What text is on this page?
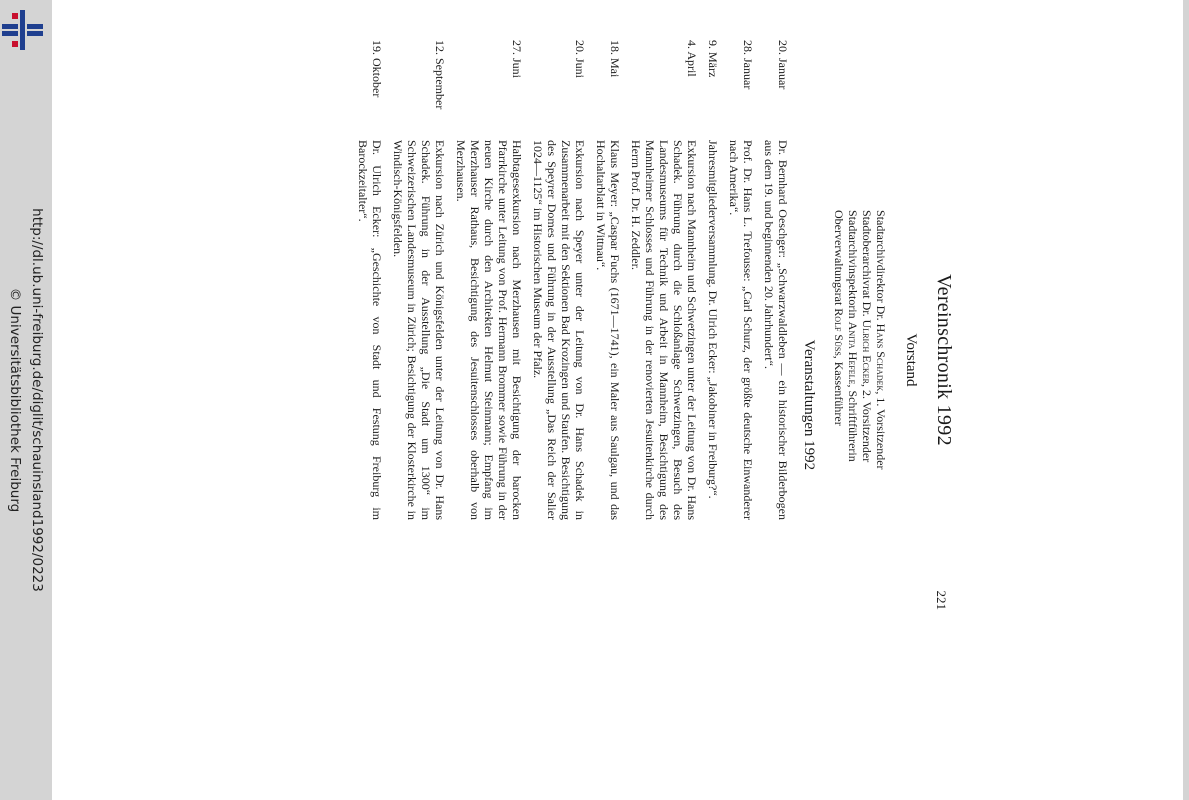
http://dl.ub.uni-freiburg.de/diglit/schauinsland1992/0223
© Universitätsbibliothek Freiburg
221
Vereinschronik 1992
Vorstand
Stadtarchivdirektor Dr. Hans Schadek, 1. Vorsitzender
Stadtoberarchivrat Dr. Ulrich Ecker, 2. Vorsitzender
Stadtarchivinspektorin Anita Hefele, Schriftführerin
Oberverwaltungsrat Rolf Süss, Kassenführer
Veranstaltungen 1992
20. Januar
Dr. Bernhard Oeschger: „Schwarzwaldleben — ein historischer Bilderbogen aus dem 19. und beginnenden 20. Jahrhundert“.
28. Januar
Prof. Dr. Hans L. Trefousse: „Carl Schurz, der größte deutsche Einwanderer nach Amerika“.
9. März
Jahresmitgliederversammlung. Dr. Ulrich Ecker: „Jakobiner in Freiburg?“.
4. April
Exkursion nach Mannheim und Schwetzingen unter der Leitung von Dr. Hans Schadek. Führung durch die Schloßanlage Schwetzingen, Besuch des Landesmuseums für Technik und Arbeit in Mannheim, Besichtigung des Mannheimer Schlosses und Führung in der renovierten Jesuitenkirche durch Herrn Prof. Dr. H. Zeddler.
18. Mai
Klaus Meyer: „Caspar Fuchs (1671—1741), ein Maler aus Saulgau, und das Hochaltarblatt in Wittnau“.
20. Juni
Exkursion nach Speyer unter der Leitung von Dr. Hans Schadek in Zusammenarbeit mit den Sektionen Bad Krozingen und Staufen. Besichtigung des Speyrer Domes und Führung in der Ausstellung „Das Reich der Salier 1024—1125“ im Historischen Museum der Pfalz.
27. Juni
Halbtagesexkursion nach Merzhausen mit Besichtigung der barocken Pfarrkirche unter Leitung von Prof. Hermann Brommer sowie Führung in der neuen Kirche durch den Architekten Helmut Steinmann; Empfang im Merzhauser Rathaus, Besichtigung des Jesuitenschlosses oberhalb von Merzhausen.
12. September
Exkursion nach Zürich und Königsfelden unter der Leitung von Dr. Hans Schadek. Führung in der Ausstellung „Die Stadt um 1300“ im Schweizerischen Landesmuseum in Zürich; Besichtigung der Klosterkirche in Windisch-Königsfelden.
19. Oktober
Dr. Ulrich Ecker: „Geschichte von Stadt und Festung Freiburg im Barockzeitalter“.
